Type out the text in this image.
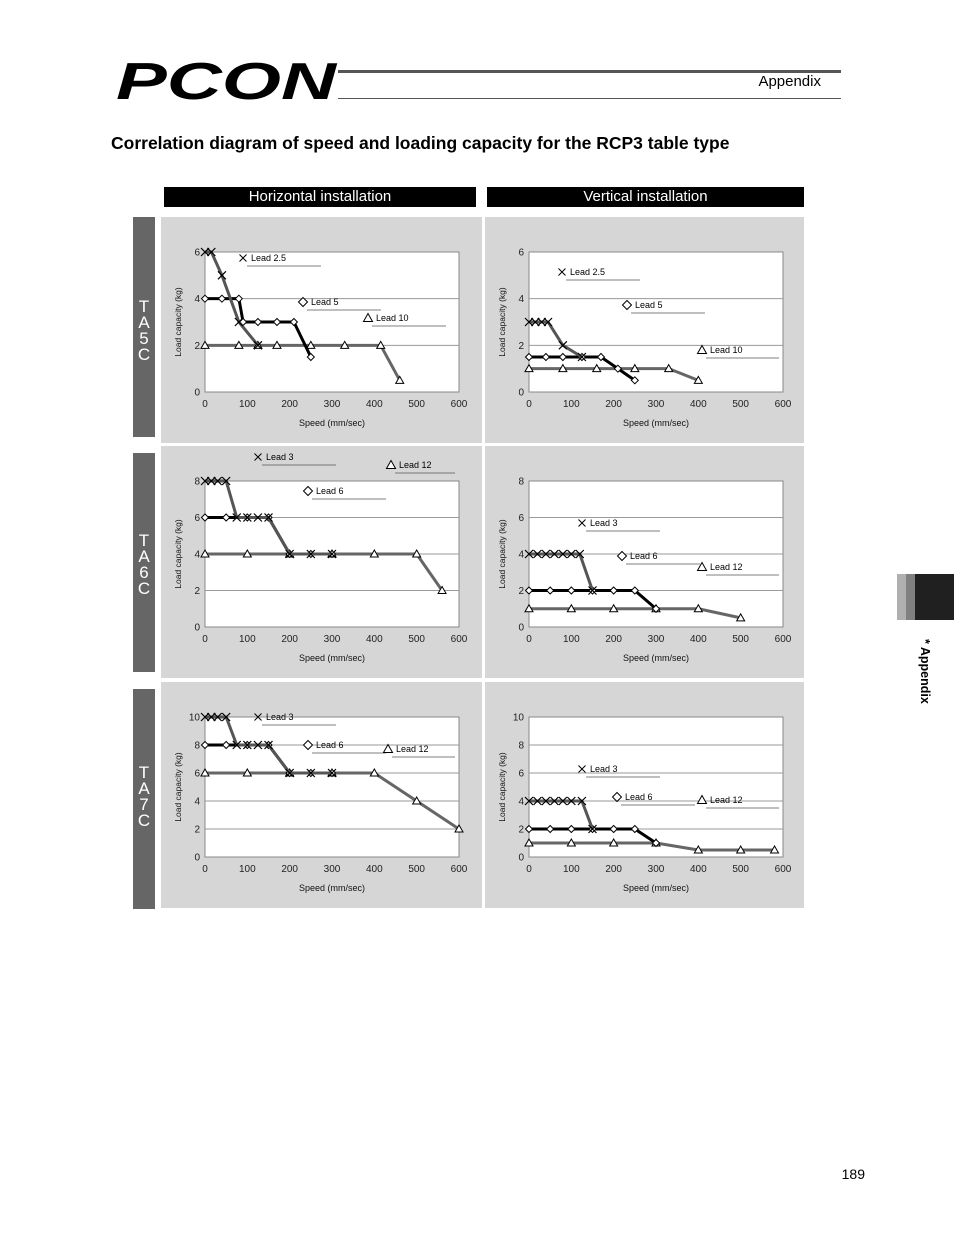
PCON	Appendix
Correlation diagram of speed and loading capacity for the RCP3 table type
Horizontal installation	Vertical installation
T
A
5
C
T
A
6
C
T
A
7
C
0
2
4
6
0	100	200	300	400	500	600
Speed (mm/sec)
Load capacity (kg)
Lead 2.5
Lead 5
Lead 10
0
2
4
6
0	100	200	300	400	500	600
Speed (mm/sec)
Load capacity (kg)
Lead 2.5
Lead 5
Lead 10
0
2
4
6
8
0	100	200	300	400	500	600
Speed (mm/sec)
Load capacity (kg)
Lead 3
Lead 6
Lead 12
0
2
4
6
8
0	100	200	300	400	500	600
Speed (mm/sec)
Load capacity (kg)	Lead 3
Lead 6
Lead 12
0
2
4
6
8
10
0	100	200	300	400	500	600
Speed (mm/sec)
Load capacity (kg)
Lead 3
Lead 6	Lead 12
0
2
4
6
8
10
0	100	200	300	400	500	600
Speed (mm/sec)
Load capacity (kg)	Lead 3
Lead 6	Lead 12
* Appendix
189
